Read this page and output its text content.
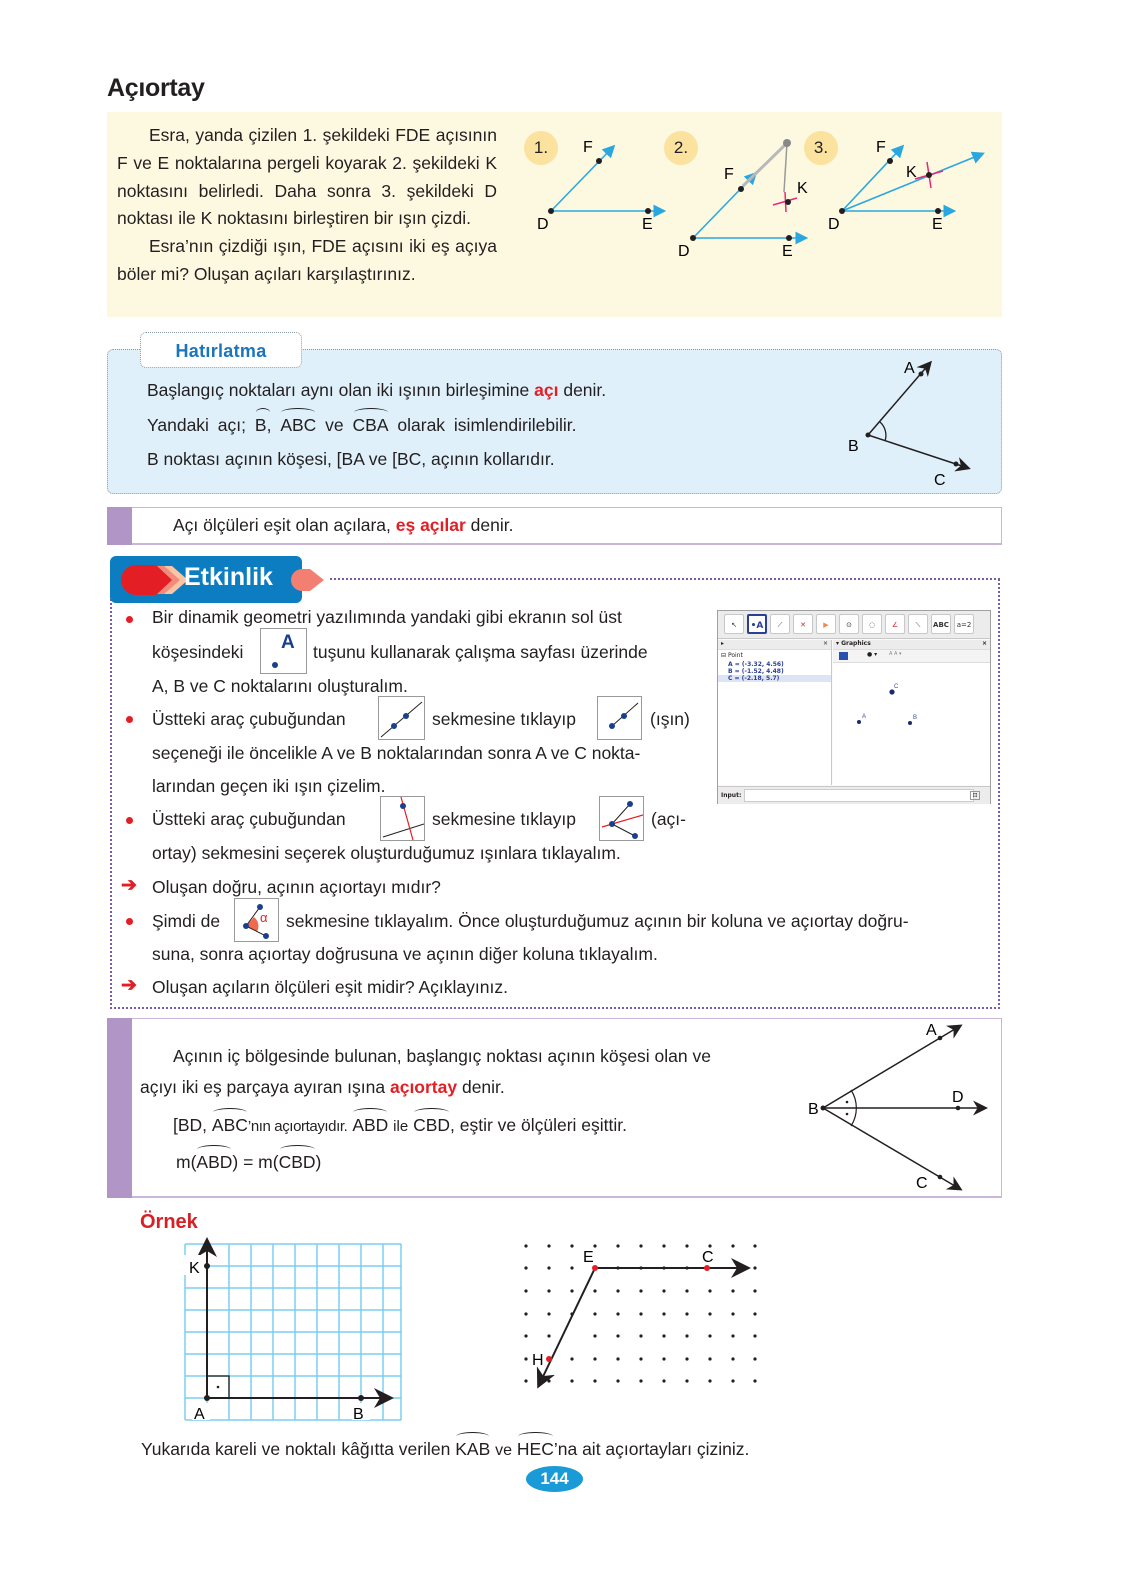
Açıortay

Esra, yanda çizilen 1. şekildeki FDE açısının F ve E noktalarına pergeli koyarak 2. şekildeki K noktasını belirledi. Daha sonra 3. şekildeki D noktası ile K noktasını birleştiren bir ışın çizdi.

Esra’nın çizdiği ışın, FDE açısını iki eş açıya böler mi? Oluşan açıları karşılaştırınız.

1.	2.	3.
F
D	E
F
K
D	E
F
K
D	E
Hatırlatma
Başlangıç noktaları aynı olan iki ışının birleşimine açı denir.
Yandaki açı; B, ABC ve CBA olarak isimlendirilebilir.
B noktası açının köşesi, [BA ve [BC, açının kolları​dır.
A
B
C
Açı ölçüleri eşit olan açılara, eş açılar denir.
Etkinlik
Bir dinamik geometri yazılımında yandaki gibi ekranın sol üst
köşesindeki A tuşunu kullanarak çalışma sayfası üzerinde
A, B ve C noktalarını oluşturalım.
Üstteki araç çubuğundan	sekmesine tıklayıp	(ışın)
seçeneği ile öncelikle A ve B noktalarından sonra A ve C nokta-
larından geçen iki ışın çizelim.
Üstteki araç çubuğundan	sekmesine tıklayıp	(açı-
ortay) sekmesini seçerek oluşturduğumuz ışınlara tıklayalım.
➔ Oluşan doğru, açının açıortayı mıdır?
Şimdi de	α sekmesine tıklayalım. Önce oluşturduğumuz açının bir koluna ve açıortay doğru-
suna, sonra açıortay doğrusuna ve açının diğer koluna tıklayalım.
➔ Oluşan açıların ölçüleri eşit midir? Açıklayınız.
↖	•A	⟋	✕	▶	⊙	◌	∠	⟍	ABC	a=2
▸	×
⊟ Point
A = (-3.32, 4.56)
B = (-1.52, 4.48)
C = (-2.18, 5.7)
▾ Graphics	×
● ▾ A A ▾
C
A	B
Input:	⊡
Açının iç bölgesinde bulunan, başlangıç noktası açının köşesi olan ve
açıyı iki eş parçaya ayıran ışına açıortay denir.
[BD, ABC’nın açıortayıdır. ABD ile CBD, eştir ve ölçüleri eşittir.
m(ABD) = m(CBD)
A
B
D
C
Örnek
K
A	B
E	C
H
Yukarıda kareli ve noktalı kâğıtta verilen KAB ve HEC’na ait açıortayları çiziniz.
144
